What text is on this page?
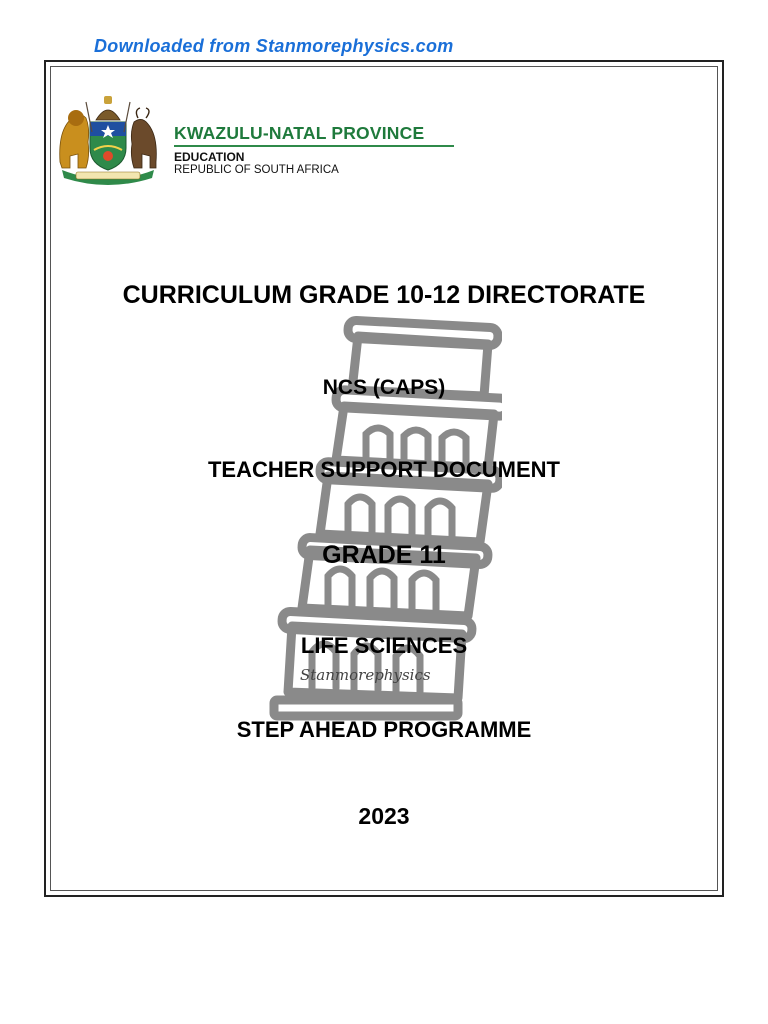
Downloaded from Stanmorephysics.com
KWAZULU-NATAL PROVINCE
EDUCATION
REPUBLIC OF SOUTH AFRICA
Stanmorephysics
CURRICULUM GRADE 10-12 DIRECTORATE
NCS (CAPS)
TEACHER SUPPORT DOCUMENT
GRADE 11
LIFE SCIENCES
STEP AHEAD PROGRAMME
2023
